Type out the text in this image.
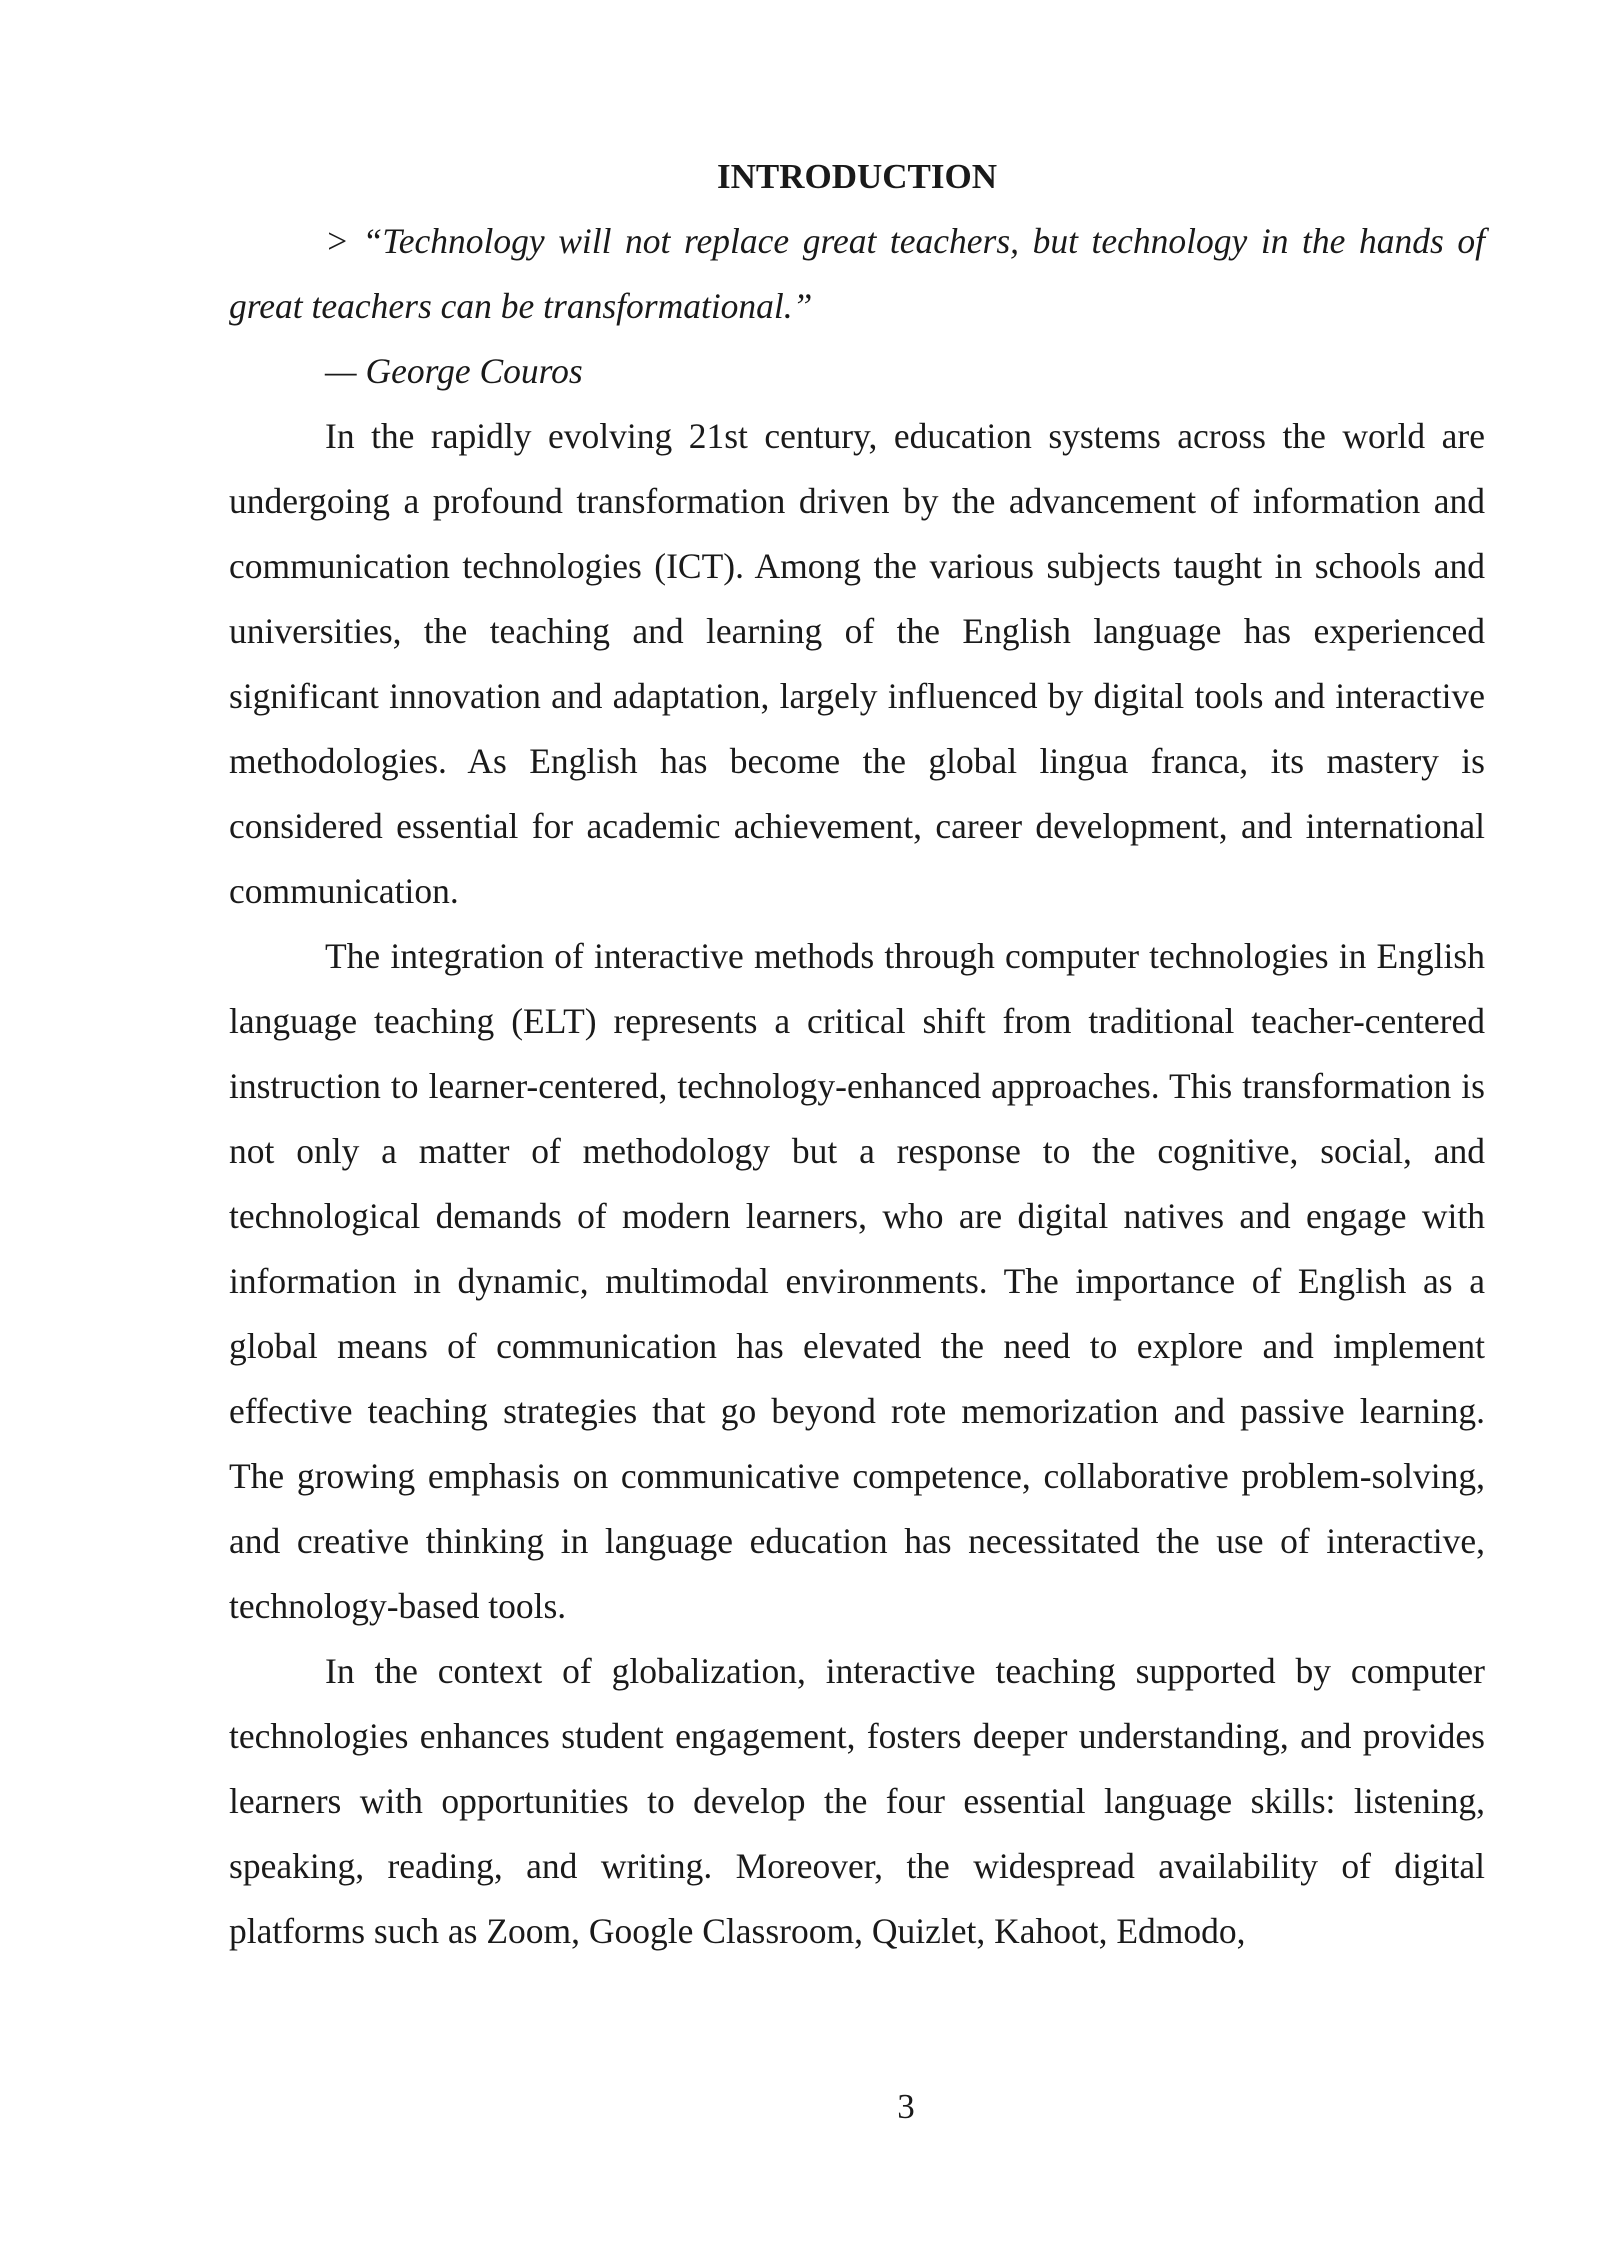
INTRODUCTION

> “Technology will not replace great teachers, but technology in the hands of great teachers can be transformational.”

— George Couros

In the rapidly evolving 21st century, education systems across the world are undergoing a profound transformation driven by the advancement of information and communication technologies (ICT). Among the various subjects taught in schools and universities, the teaching and learning of the English language has experienced significant innovation and adaptation, largely influenced by digital tools and interactive methodologies. As English has become the global lingua franca, its mastery is considered essential for academic achievement, career development, and international communication.

The integration of interactive methods through computer technologies in English language teaching (ELT) represents a critical shift from traditional teacher-centered instruction to learner-centered, technology-enhanced approaches. This transformation is not only a matter of methodology but a response to the cognitive, social, and technological demands of modern learners, who are digital natives and engage with information in dynamic, multimodal environments. The importance of English as a global means of communication has elevated the need to explore and implement effective teaching strategies that go beyond rote memorization and passive learning. The growing emphasis on communicative competence, collaborative problem-solving, and creative thinking in language education has necessitated the use of interactive, technology-based tools.

In the context of globalization, interactive teaching supported by computer technologies enhances student engagement, fosters deeper understanding, and provides learners with opportunities to develop the four essential language skills: listening, speaking, reading, and writing. Moreover, the widespread availability of digital platforms such as Zoom, Google Classroom, Quizlet, Kahoot, Edmodo,

3
